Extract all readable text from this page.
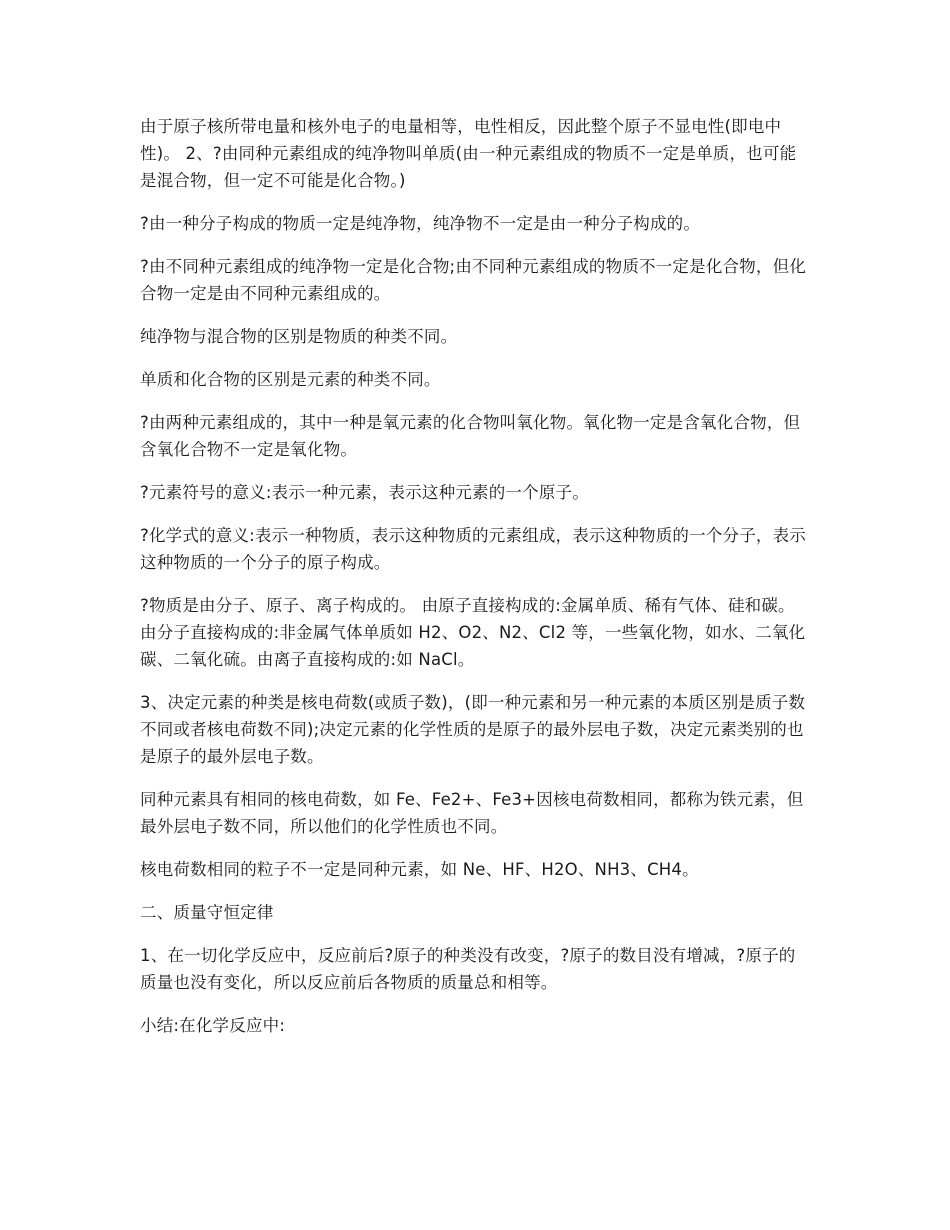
由于原子核所带电量和核外电子的电量相等，电性相反，因此整个原子不显电性(即电中性)。 2、?由同种元素组成的纯净物叫单质(由一种元素组成的物质不一定是单质，也可能是混合物，但一定不可能是化合物。)

?由一种分子构成的物质一定是纯净物，纯净物不一定是由一种分子构成的。

?由不同种元素组成的纯净物一定是化合物;由不同种元素组成的物质不一定是化合物，但化合物一定是由不同种元素组成的。

纯净物与混合物的区别是物质的种类不同。

单质和化合物的区别是元素的种类不同。

?由两种元素组成的，其中一种是氧元素的化合物叫氧化物。氧化物一定是含氧化合物，但含氧化合物不一定是氧化物。

?元素符号的意义:表示一种元素，表示这种元素的一个原子。

?化学式的意义:表示一种物质，表示这种物质的元素组成，表示这种物质的一个分子，表示这种物质的一个分子的原子构成。

?物质是由分子、原子、离子构成的。 由原子直接构成的:金属单质、稀有气体、硅和碳。 由分子直接构成的:非金属气体单质如 H2、O2、N2、Cl2 等，一些氧化物，如水、二氧化碳、二氧化硫。由离子直接构成的:如 NaCl。

3、决定元素的种类是核电荷数(或质子数)，(即一种元素和另一种元素的本质区别是质子数不同或者核电荷数不同);决定元素的化学性质的是原子的最外层电子数，决定元素类别的也是原子的最外层电子数。

同种元素具有相同的核电荷数，如 Fe、Fe2+、Fe3+因核电荷数相同，都称为铁元素，但最外层电子数不同，所以他们的化学性质也不同。

核电荷数相同的粒子不一定是同种元素，如 Ne、HF、H2O、NH3、CH4。

二、质量守恒定律

1、在一切化学反应中，反应前后?原子的种类没有改变，?原子的数目没有增减，?原子的质量也没有变化，所以反应前后各物质的质量总和相等。

小结:在化学反应中:
